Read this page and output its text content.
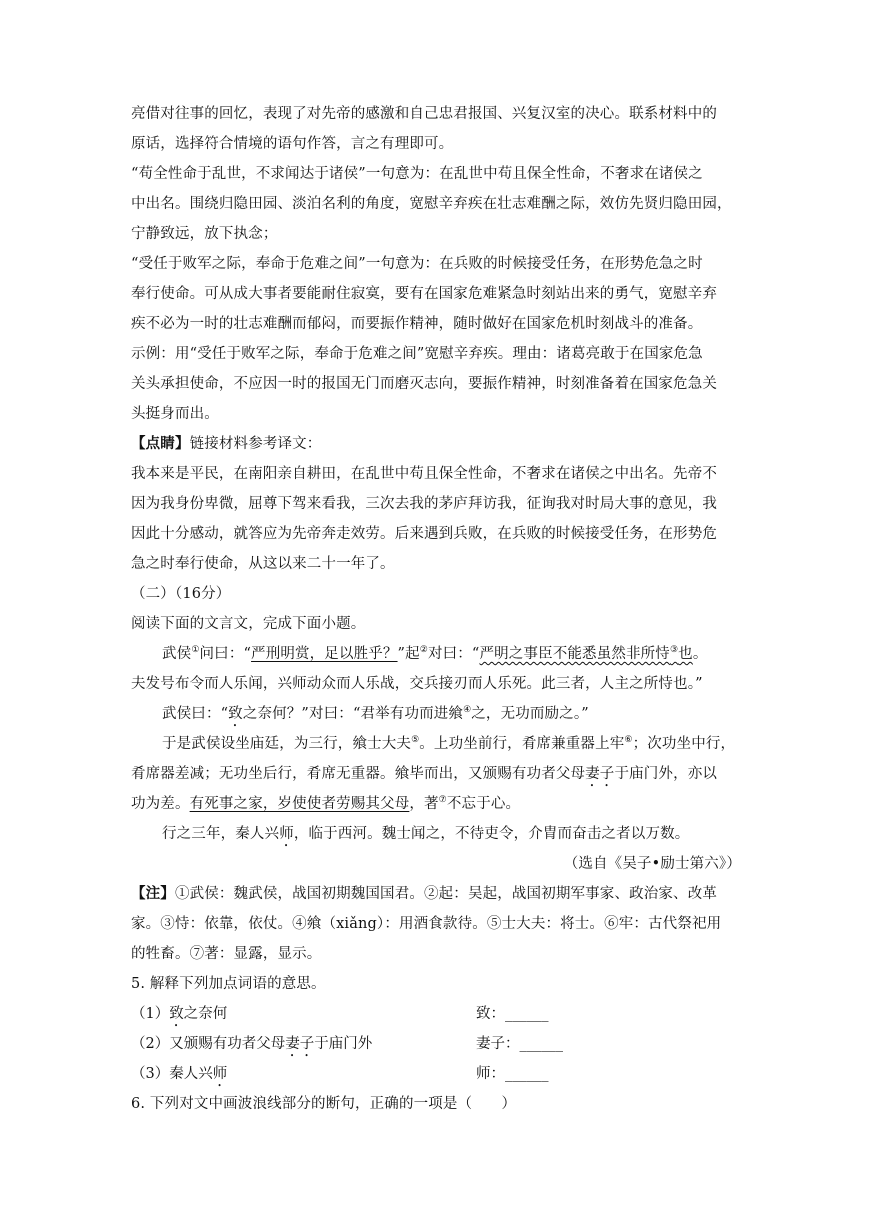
亮借对往事的回忆，表现了对先帝的感激和自己忠君报国、兴复汉室的决心。联系材料中的
原话，选择符合情境的语句作答，言之有理即可。
“苟全性命于乱世，不求闻达于诸侯”一句意为：在乱世中苟且保全性命，不奢求在诸侯之
中出名。围绕归隐田园、淡泊名利的角度，宽慰辛弃疾在壮志难酬之际，效仿先贤归隐田园，
宁静致远，放下执念；
“受任于败军之际，奉命于危难之间”一句意为：在兵败的时候接受任务，在形势危急之时
奉行使命。可从成大事者要能耐住寂寞，要有在国家危难紧急时刻站出来的勇气，宽慰辛弃
疾不必为一时的壮志难酬而郁闷，而要振作精神，随时做好在国家危机时刻战斗的准备。
示例：用“受任于败军之际，奉命于危难之间”宽慰辛弃疾。理由：诸葛亮敢于在国家危急
关头承担使命，不应因一时的报国无门而磨灭志向，要振作精神，时刻准备着在国家危急关
头挺身而出。
【点睛】链接材料参考译文：
我本来是平民，在南阳亲自耕田，在乱世中苟且保全性命，不奢求在诸侯之中出名。先帝不
因为我身份卑微，屈尊下驾来看我，三次去我的茅庐拜访我，征询我对时局大事的意见，我
因此十分感动，就答应为先帝奔走效劳。后来遇到兵败，在兵败的时候接受任务，在形势危
急之时奉行使命，从这以来二十一年了。
（二）（16分）
阅读下面的文言文，完成下面小题。
武侯①问曰：“严刑明赏，足以胜乎？”起②对曰：“严明之事臣不能悉虽然非所恃③也。
夫发号布令而人乐闻，兴师动众而人乐战，交兵接刃而人乐死。此三者，人主之所恃也。”
武侯曰：“致之奈何？”对曰：“君举有功而进飨④之，无功而励之。”
于是武侯设坐庙廷，为三行，飨士大夫⑤。上功坐前行，肴席兼重器上牢⑥；次功坐中行，
肴席器差减；无功坐后行，肴席无重器。飨毕而出，又颁赐有功者父母妻子于庙门外，亦以
功为差。有死事之家，岁使使者劳赐其父母，著⑦不忘于心。
行之三年，秦人兴师，临于西河。魏士闻之，不待吏令，介胄而奋击之者以万数。
（选自《吴子•励士第六》）
【注】①武侯：魏武侯，战国初期魏国国君。②起：吴起，战国初期军事家、政治家、改革
家。③恃：依靠，依仗。④飨（xiǎng）：用酒食款待。⑤士大夫：将士。⑥牢：古代祭祀用
的牲畜。⑦著：显露，显示。
5. 解释下列加点词语的意思。
（1）致之奈何	致：______
（2）又颁赐有功者父母妻子于庙门外	妻子：______
（3）秦人兴师	师：______
6. 下列对文中画波浪线部分的断句，正确的一项是（　　）
